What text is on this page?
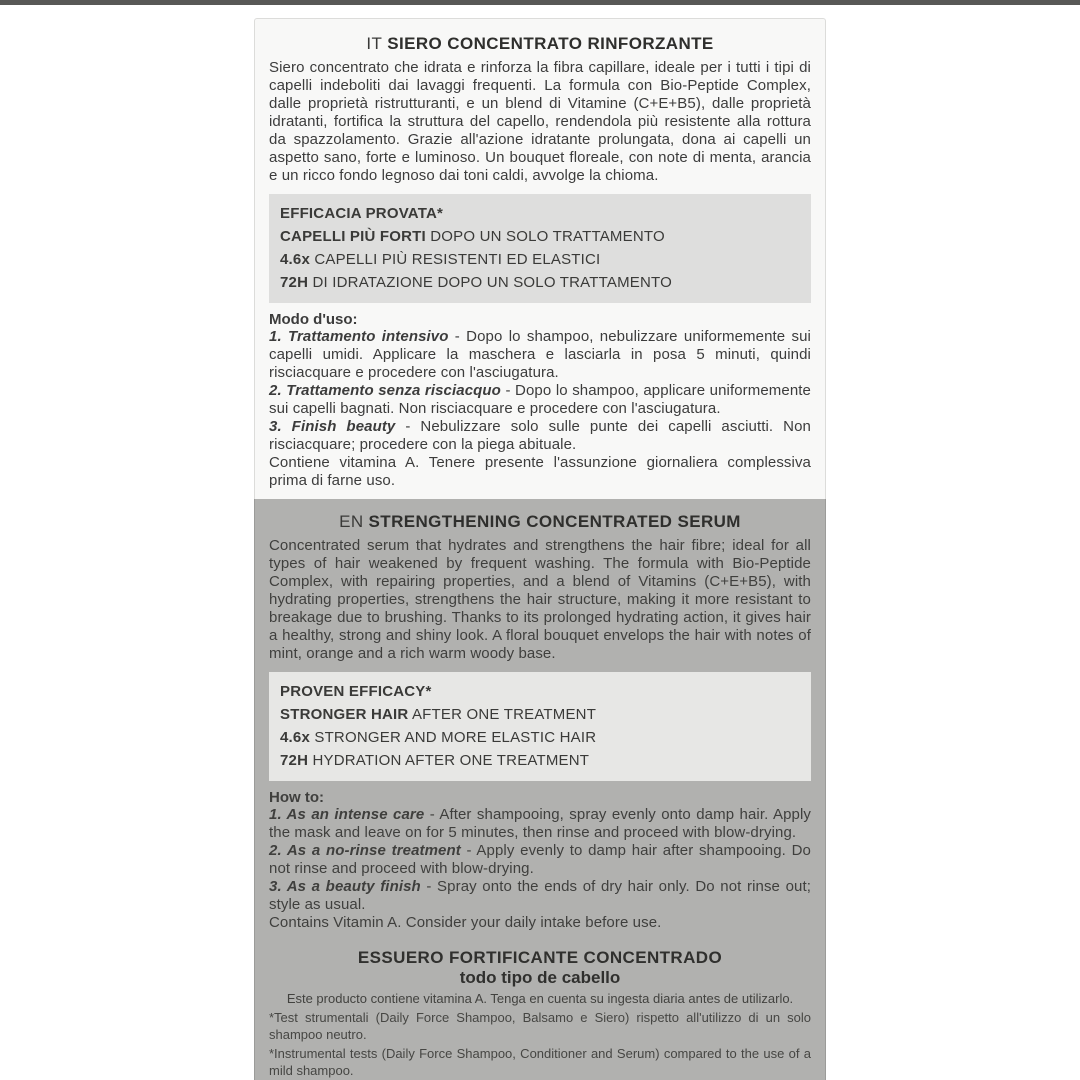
IT SIERO CONCENTRATO RINFORZANTE
Siero concentrato che idrata e rinforza la fibra capillare, ideale per i tutti i tipi di capelli indeboliti dai lavaggi frequenti. La formula con Bio-Peptide Complex, dalle proprietà ristrutturanti, e un blend di Vitamine (C+E+B5), dalle proprietà idratanti, fortifica la struttura del capello, rendendola più resistente alla rottura da spazzolamento. Grazie all'azione idratante prolungata, dona ai capelli un aspetto sano, forte e luminoso. Un bouquet floreale, con note di menta, arancia e un ricco fondo legnoso dai toni caldi, avvolge la chioma.
EFFICACIA PROVATA*
CAPELLI PIÙ FORTI DOPO UN SOLO TRATTAMENTO
4.6x CAPELLI PIÙ RESISTENTI ED ELASTICI
72H DI IDRATAZIONE DOPO UN SOLO TRATTAMENTO
Modo d'uso:

1. Trattamento intensivo - Dopo lo shampoo, nebulizzare uniformemente sui capelli umidi. Applicare la maschera e lasciarla in posa 5 minuti, quindi risciacquare e procedere con l'asciugatura.

2. Trattamento senza risciacquo - Dopo lo shampoo, applicare uniformemente sui capelli bagnati. Non risciacquare e procedere con l'asciugatura.

3. Finish beauty - Nebulizzare solo sulle punte dei capelli asciutti. Non risciacquare; procedere con la piega abituale.

Contiene vitamina A. Tenere presente l'assunzione giornaliera complessiva prima di farne uso.

EN STRENGTHENING CONCENTRATED SERUM
Concentrated serum that hydrates and strengthens the hair fibre; ideal for all types of hair weakened by frequent washing. The formula with Bio-Peptide Complex, with repairing properties, and a blend of Vitamins (C+E+B5), with hydrating properties, strengthens the hair structure, making it more resistant to breakage due to brushing. Thanks to its prolonged hydrating action, it gives hair a healthy, strong and shiny look. A floral bouquet envelops the hair with notes of mint, orange and a rich warm woody base.
PROVEN EFFICACY*
STRONGER HAIR AFTER ONE TREATMENT
4.6x STRONGER AND MORE ELASTIC HAIR
72H HYDRATION AFTER ONE TREATMENT
How to:

1. As an intense care - After shampooing, spray evenly onto damp hair. Apply the mask and leave on for 5 minutes, then rinse and proceed with blow-drying.

2. As a no-rinse treatment - Apply evenly to damp hair after shampooing. Do not rinse and proceed with blow-drying.

3. As a beauty finish - Spray onto the ends of dry hair only. Do not rinse out; style as usual.

Contains Vitamin A. Consider your daily intake before use.

ESSUERO FORTIFICANTE CONCENTRADO
todo tipo de cabello
Este producto contiene vitamina A. Tenga en cuenta su ingesta diaria antes de utilizarlo.
*Test strumentali (Daily Force Shampoo, Balsamo e Siero) rispetto all'utilizzo di un solo shampoo neutro.
*Instrumental tests (Daily Force Shampoo, Conditioner and Serum) compared to the use of a mild shampoo.
